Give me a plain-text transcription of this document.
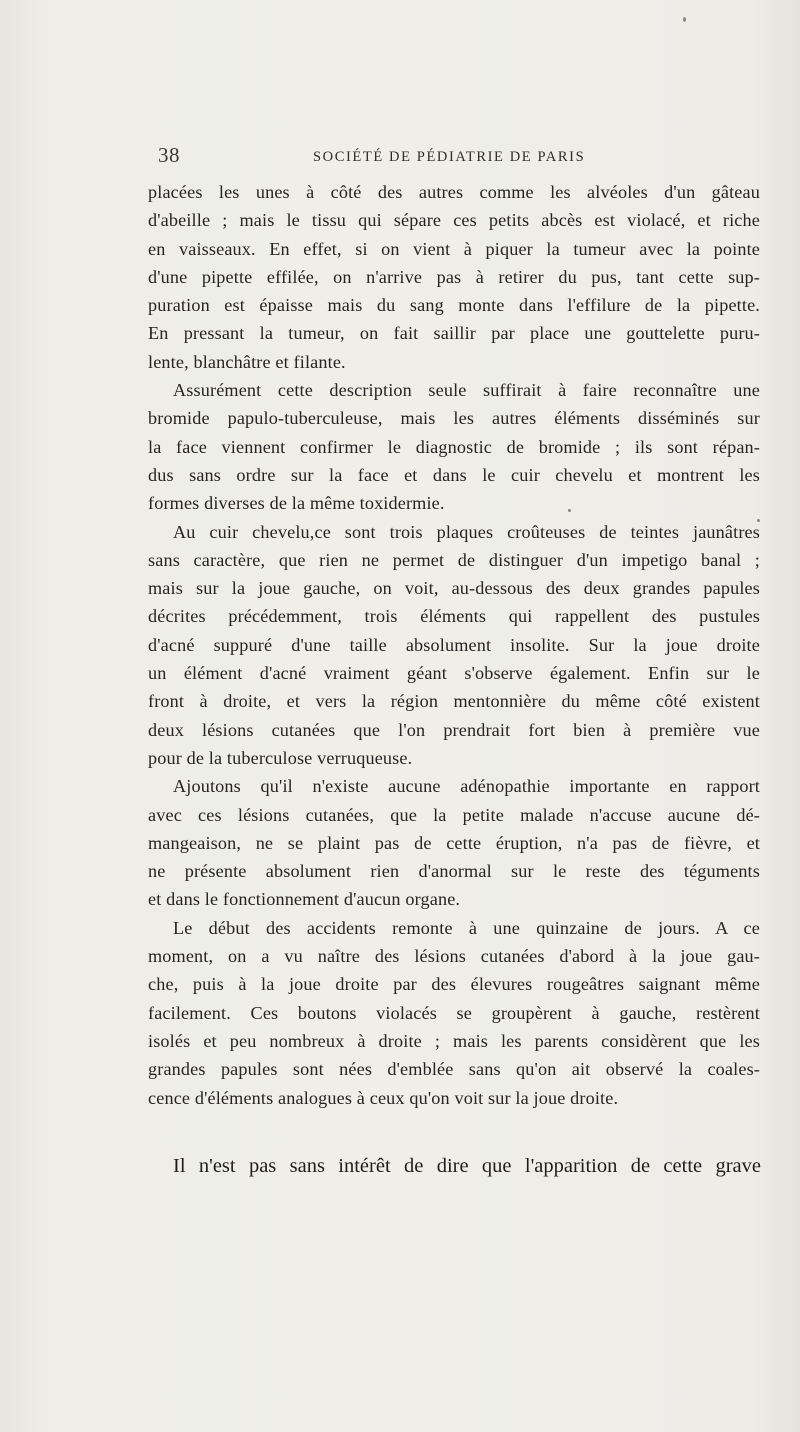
38	SOCIÉTÉ DE PÉDIATRIE DE PARIS
placées les unes à côté des autres comme les alvéoles d'un gâteau
d'abeille ; mais le tissu qui sépare ces petits abcès est violacé, et riche
en vaisseaux. En effet, si on vient à piquer la tumeur avec la pointe
d'une pipette effilée, on n'arrive pas à retirer du pus, tant cette sup-
puration est épaisse mais du sang monte dans l'effilure de la pipette.
En pressant la tumeur, on fait saillir par place une gouttelette puru-
lente, blanchâtre et filante.
Assurément cette description seule suffirait à faire reconnaître une
bromide papulo-tuberculeuse, mais les autres éléments disséminés sur
la face viennent confirmer le diagnostic de bromide ; ils sont répan-
dus sans ordre sur la face et dans le cuir chevelu et montrent les
formes diverses de la même toxidermie.
Au cuir chevelu,ce sont trois plaques croûteuses de teintes jaunâtres
sans caractère, que rien ne permet de distinguer d'un impetigo banal ;
mais sur la joue gauche, on voit, au-dessous des deux grandes papules
décrites précédemment, trois éléments qui rappellent des pustules
d'acné suppuré d'une taille absolument insolite. Sur la joue droite
un élément d'acné vraiment géant s'observe également. Enfin sur le
front à droite, et vers la région mentonnière du même côté existent
deux lésions cutanées que l'on prendrait fort bien à première vue
pour de la tuberculose verruqueuse.
Ajoutons qu'il n'existe aucune adénopathie importante en rapport
avec ces lésions cutanées, que la petite malade n'accuse aucune dé-
mangeaison, ne se plaint pas de cette éruption, n'a pas de fièvre, et
ne présente absolument rien d'anormal sur le reste des téguments
et dans le fonctionnement d'aucun organe.
Le début des accidents remonte à une quinzaine de jours. A ce
moment, on a vu naître des lésions cutanées d'abord à la joue gau-
che, puis à la joue droite par des élevures rougeâtres saignant même
facilement. Ces boutons violacés se groupèrent à gauche, restèrent
isolés et peu nombreux à droite ; mais les parents considèrent que les
grandes papules sont nées d'emblée sans qu'on ait observé la coales-
cence d'éléments analogues à ceux qu'on voit sur la joue droite.
Il n'est pas sans intérêt de dire que l'apparition de cette grave
